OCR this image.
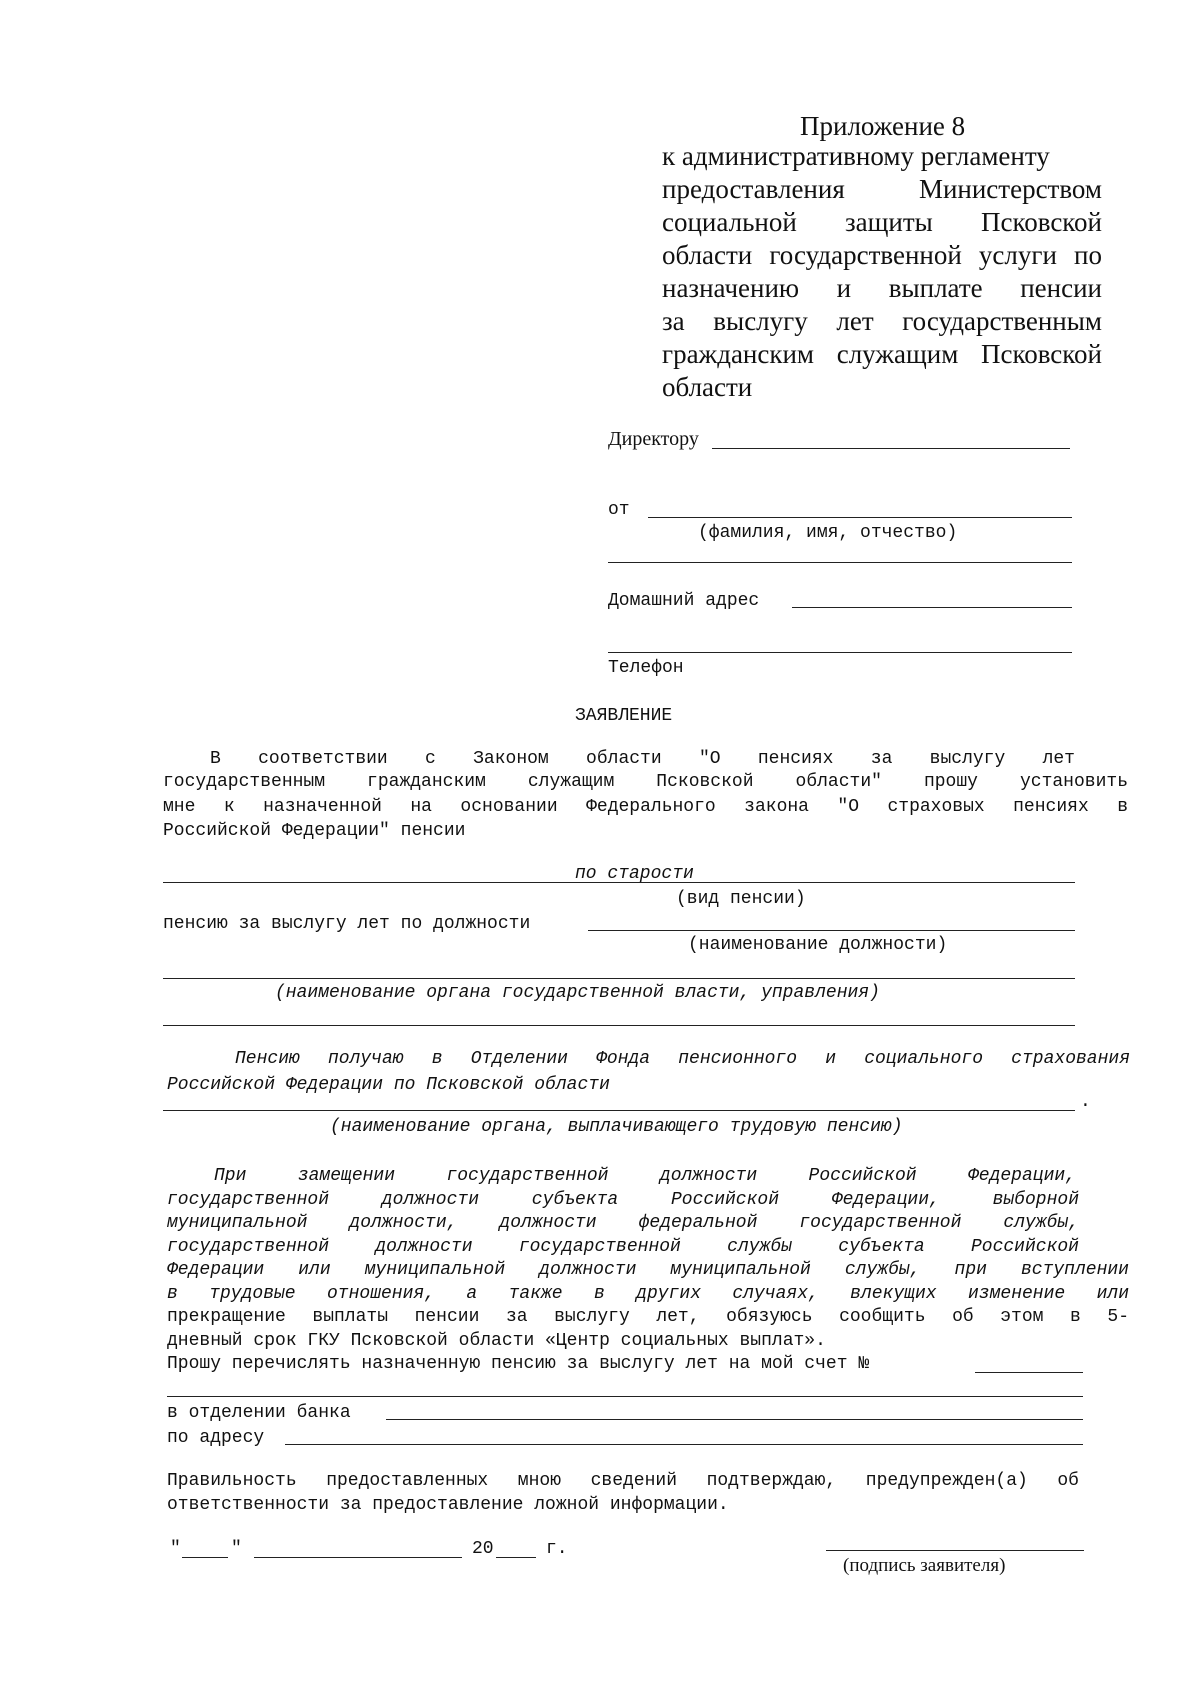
Приложение 8
к административному регламенту
предоставления Министерством
социальной защиты Псковской
области государственной услуги по
назначению и выплате пенсии
за выслугу лет государственным
гражданским служащим Псковской
области
Директору
от
(фамилия, имя, отчество)
Домашний адрес
Телефон
ЗАЯВЛЕНИЕ
В соответствии с Законом области "О пенсиях за выслугу лет
государственным гражданским служащим Псковской области" прошу установить
мне к назначенной на основании Федерального закона "О страховых пенсиях в
Российской Федерации" пенсии
по старости
(вид пенсии)
пенсию за выслугу лет по должности
(наименование должности)
(наименование органа государственной власти, управления)
Пенсию получаю в Отделении Фонда пенсионного и социального страхования
Российской Федерации по Псковской области
.
(наименование органа, выплачивающего трудовую пенсию)
При замещении государственной должности Российской Федерации,
государственной должности субъекта Российской Федерации, выборной
муниципальной должности, должности федеральной государственной службы,
государственной должности государственной службы субъекта Российской
Федерации или муниципальной должности муниципальной службы, при вступлении
в трудовые отношения, а также в других случаях, влекущих изменение или
прекращение выплаты пенсии за выслугу лет, обязуюсь сообщить об этом в 5-
дневный срок ГКУ Псковской области «Центр социальных выплат».
Прошу перечислять назначенную пенсию за выслугу лет на мой счет №
в отделении банка
по адресу
Правильность предоставленных мною сведений подтверждаю, предупрежден(а) об
ответственности за предоставление ложной информации.
"	"	20	г.
(подпись заявителя)
